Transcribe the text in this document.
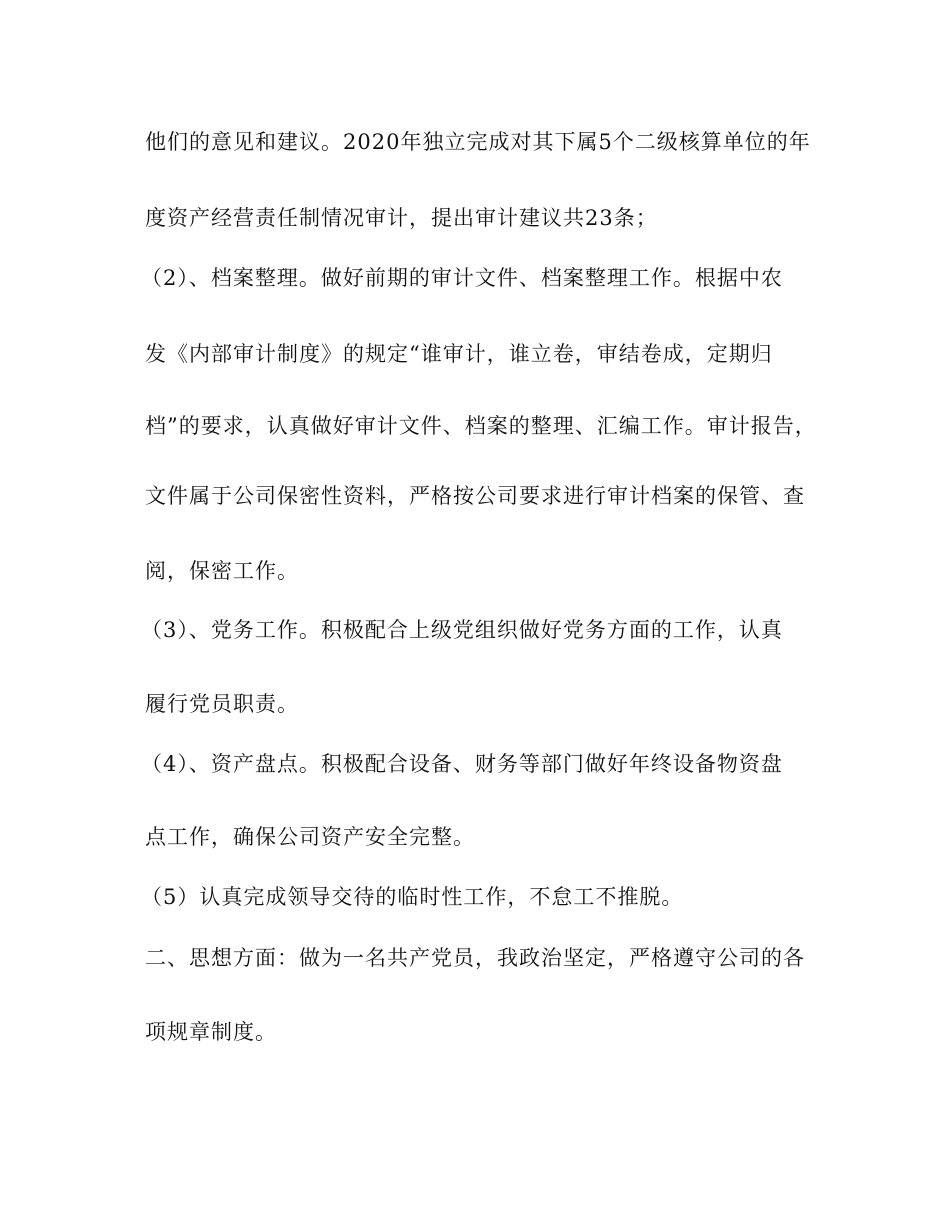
他们的意见和建议。2020年独立完成对其下属5个二级核算单位的年
度资产经营责任制情况审计，提出审计建议共23条；
（2）、档案整理。做好前期的审计文件、档案整理工作。根据中农
发《内部审计制度》的规定“谁审计，谁立卷，审结卷成，定期归
档”的要求，认真做好审计文件、档案的整理、汇编工作。审计报告，
文件属于公司保密性资料，严格按公司要求进行审计档案的保管、查
阅，保密工作。
（3）、党务工作。积极配合上级党组织做好党务方面的工作，认真
履行党员职责。
（4）、资产盘点。积极配合设备、财务等部门做好年终设备物资盘
点工作，确保公司资产安全完整。
（5）认真完成领导交待的临时性工作，不怠工不推脱。
二、思想方面：做为一名共产党员，我政治坚定，严格遵守公司的各
项规章制度。
